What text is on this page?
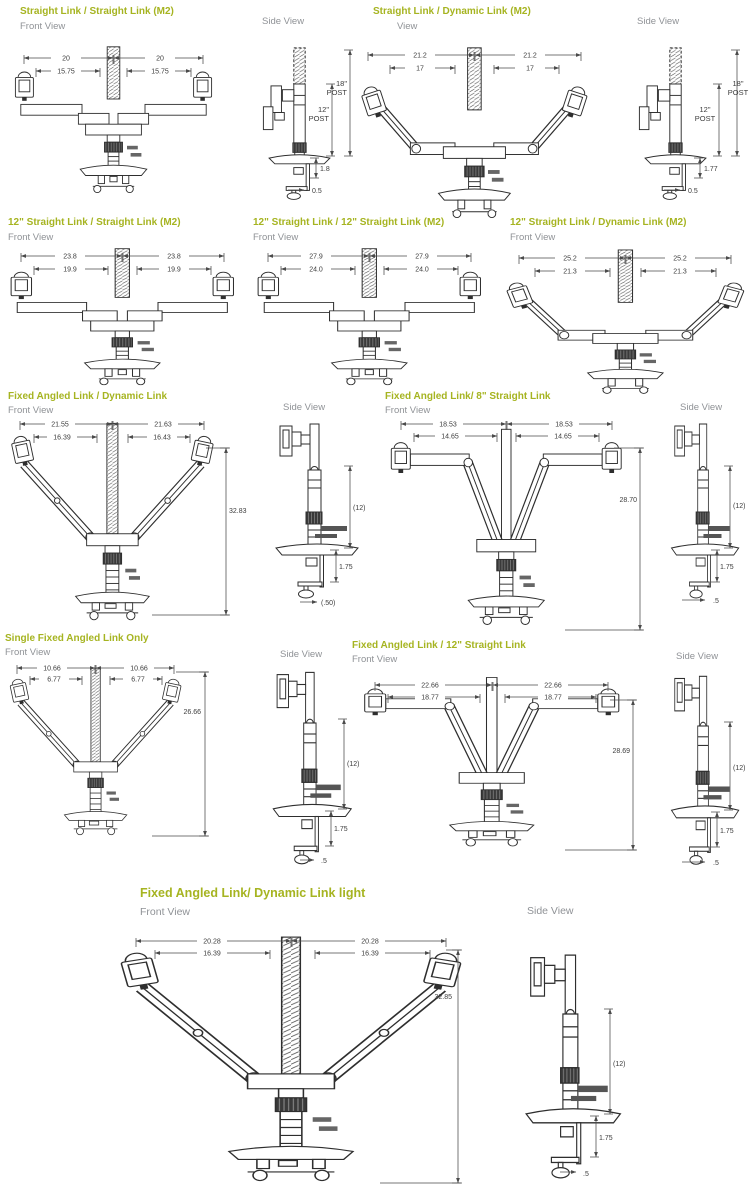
Straight Link / Straight Link (M2)
Front View	Side View
Straight Link / Dynamic Link (M2)
View	Side View
12" Straight Link / Straight Link (M2)
Front View
12" Straight Link / 12" Straight Link (M2)
Front View
12" Straight Link / Dynamic Link (M2)
Front View
Fixed Angled Link / Dynamic Link
Front View	Side View
Fixed Angled Link/ 8" Straight Link
Front View	Side View
Single Fixed Angled Link Only
Front View	Side View
Fixed Angled Link / 12" Straight Link
Front View	Side View
Fixed Angled Link/ Dynamic Link light
Front View	Side View
20	20
15.75	15.75
18"
POST
12"
POST
1.8
0.5
21.2	21.2
17	17
18"
POST
12"
POST
1.77
0.5
23.8	23.8
19.9	19.9
27.9	27.9
24.0	24.0
25.2	25.2
21.3	21.3
21.55	21.63
16.39	16.43
32.83	(12)
1.75
(.50)
18.53	18.53
14.65	14.65
28.70
(12)
1.75
.5
10.66	10.66
6.77	6.77
26.66
(12)
1.75
.5
22.66	22.66
18.77	18.77
28.69
(12)
1.75
.5
20.28	20.28
16.39	16.39
32.85
(12)
1.75
.5
